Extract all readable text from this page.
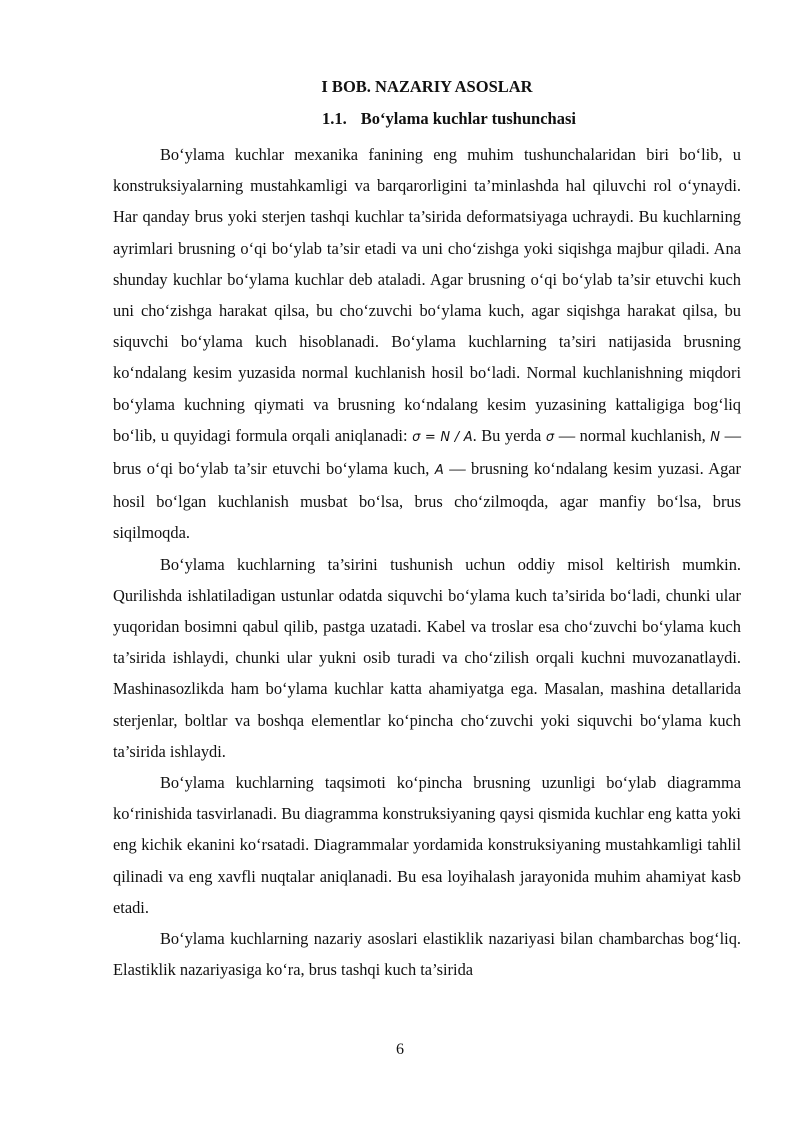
I BOB. NAZARIY ASOSLAR
1.1. Bo‘ylama kuchlar tushunchasi

Bo‘ylama kuchlar mexanika fanining eng muhim tushunchalaridan biri bo‘lib, u konstruksiyalarning mustahkamligi va barqarorligini ta’minlashda hal qiluvchi rol o‘ynaydi. Har qanday brus yoki sterjen tashqi kuchlar ta’sirida deformatsiyaga uchraydi. Bu kuchlarning ayrimlari brusning o‘qi bo‘ylab ta’sir etadi va uni cho‘zishga yoki siqishga majbur qiladi. Ana shunday kuchlar bo‘ylama kuchlar deb ataladi. Agar brusning o‘qi bo‘ylab ta’sir etuvchi kuch uni cho‘zishga harakat qilsa, bu cho‘zuvchi bo‘ylama kuch, agar siqishga harakat qilsa, bu siquvchi bo‘ylama kuch hisoblanadi. Bo‘ylama kuchlarning ta’siri natijasida brusning ko‘ndalang kesim yuzasida normal kuchlanish hosil bo‘ladi. Normal kuchlanishning miqdori bo‘ylama kuchning qiymati va brusning ko‘ndalang kesim yuzasining kattaligiga bog‘liq bo‘lib, u quyidagi formula orqali aniqlanadi: σ = N / A. Bu yerda σ — normal kuchlanish, N — brus o‘qi bo‘ylab ta’sir etuvchi bo‘ylama kuch, A — brusning ko‘ndalang kesim yuzasi. Agar hosil bo‘lgan kuchlanish musbat bo‘lsa, brus cho‘zilmoqda, agar manfiy bo‘lsa, brus siqilmoqda.

Bo‘ylama kuchlarning ta’sirini tushunish uchun oddiy misol keltirish mumkin. Qurilishda ishlatiladigan ustunlar odatda siquvchi bo‘ylama kuch ta’sirida bo‘ladi, chunki ular yuqoridan bosimni qabul qilib, pastga uzatadi. Kabel va troslar esa cho‘zuvchi bo‘ylama kuch ta’sirida ishlaydi, chunki ular yukni osib turadi va cho‘zilish orqali kuchni muvozanatlaydi. Mashinasozlikda ham bo‘ylama kuchlar katta ahamiyatga ega. Masalan, mashina detallarida sterjenlar, boltlar va boshqa elementlar ko‘pincha cho‘zuvchi yoki siquvchi bo‘ylama kuch ta’sirida ishlaydi.

Bo‘ylama kuchlarning taqsimoti ko‘pincha brusning uzunligi bo‘ylab diagramma ko‘rinishida tasvirlanadi. Bu diagramma konstruksiyaning qaysi qismida kuchlar eng katta yoki eng kichik ekanini ko‘rsatadi. Diagrammalar yordamida konstruksiyaning mustahkamligi tahlil qilinadi va eng xavfli nuqtalar aniqlanadi. Bu esa loyihalash jarayonida muhim ahamiyat kasb etadi.

Bo‘ylama kuchlarning nazariy asoslari elastiklik nazariyasi bilan chambarchas bog‘liq. Elastiklik nazariyasiga ko‘ra, brus tashqi kuch ta’sirida

6
